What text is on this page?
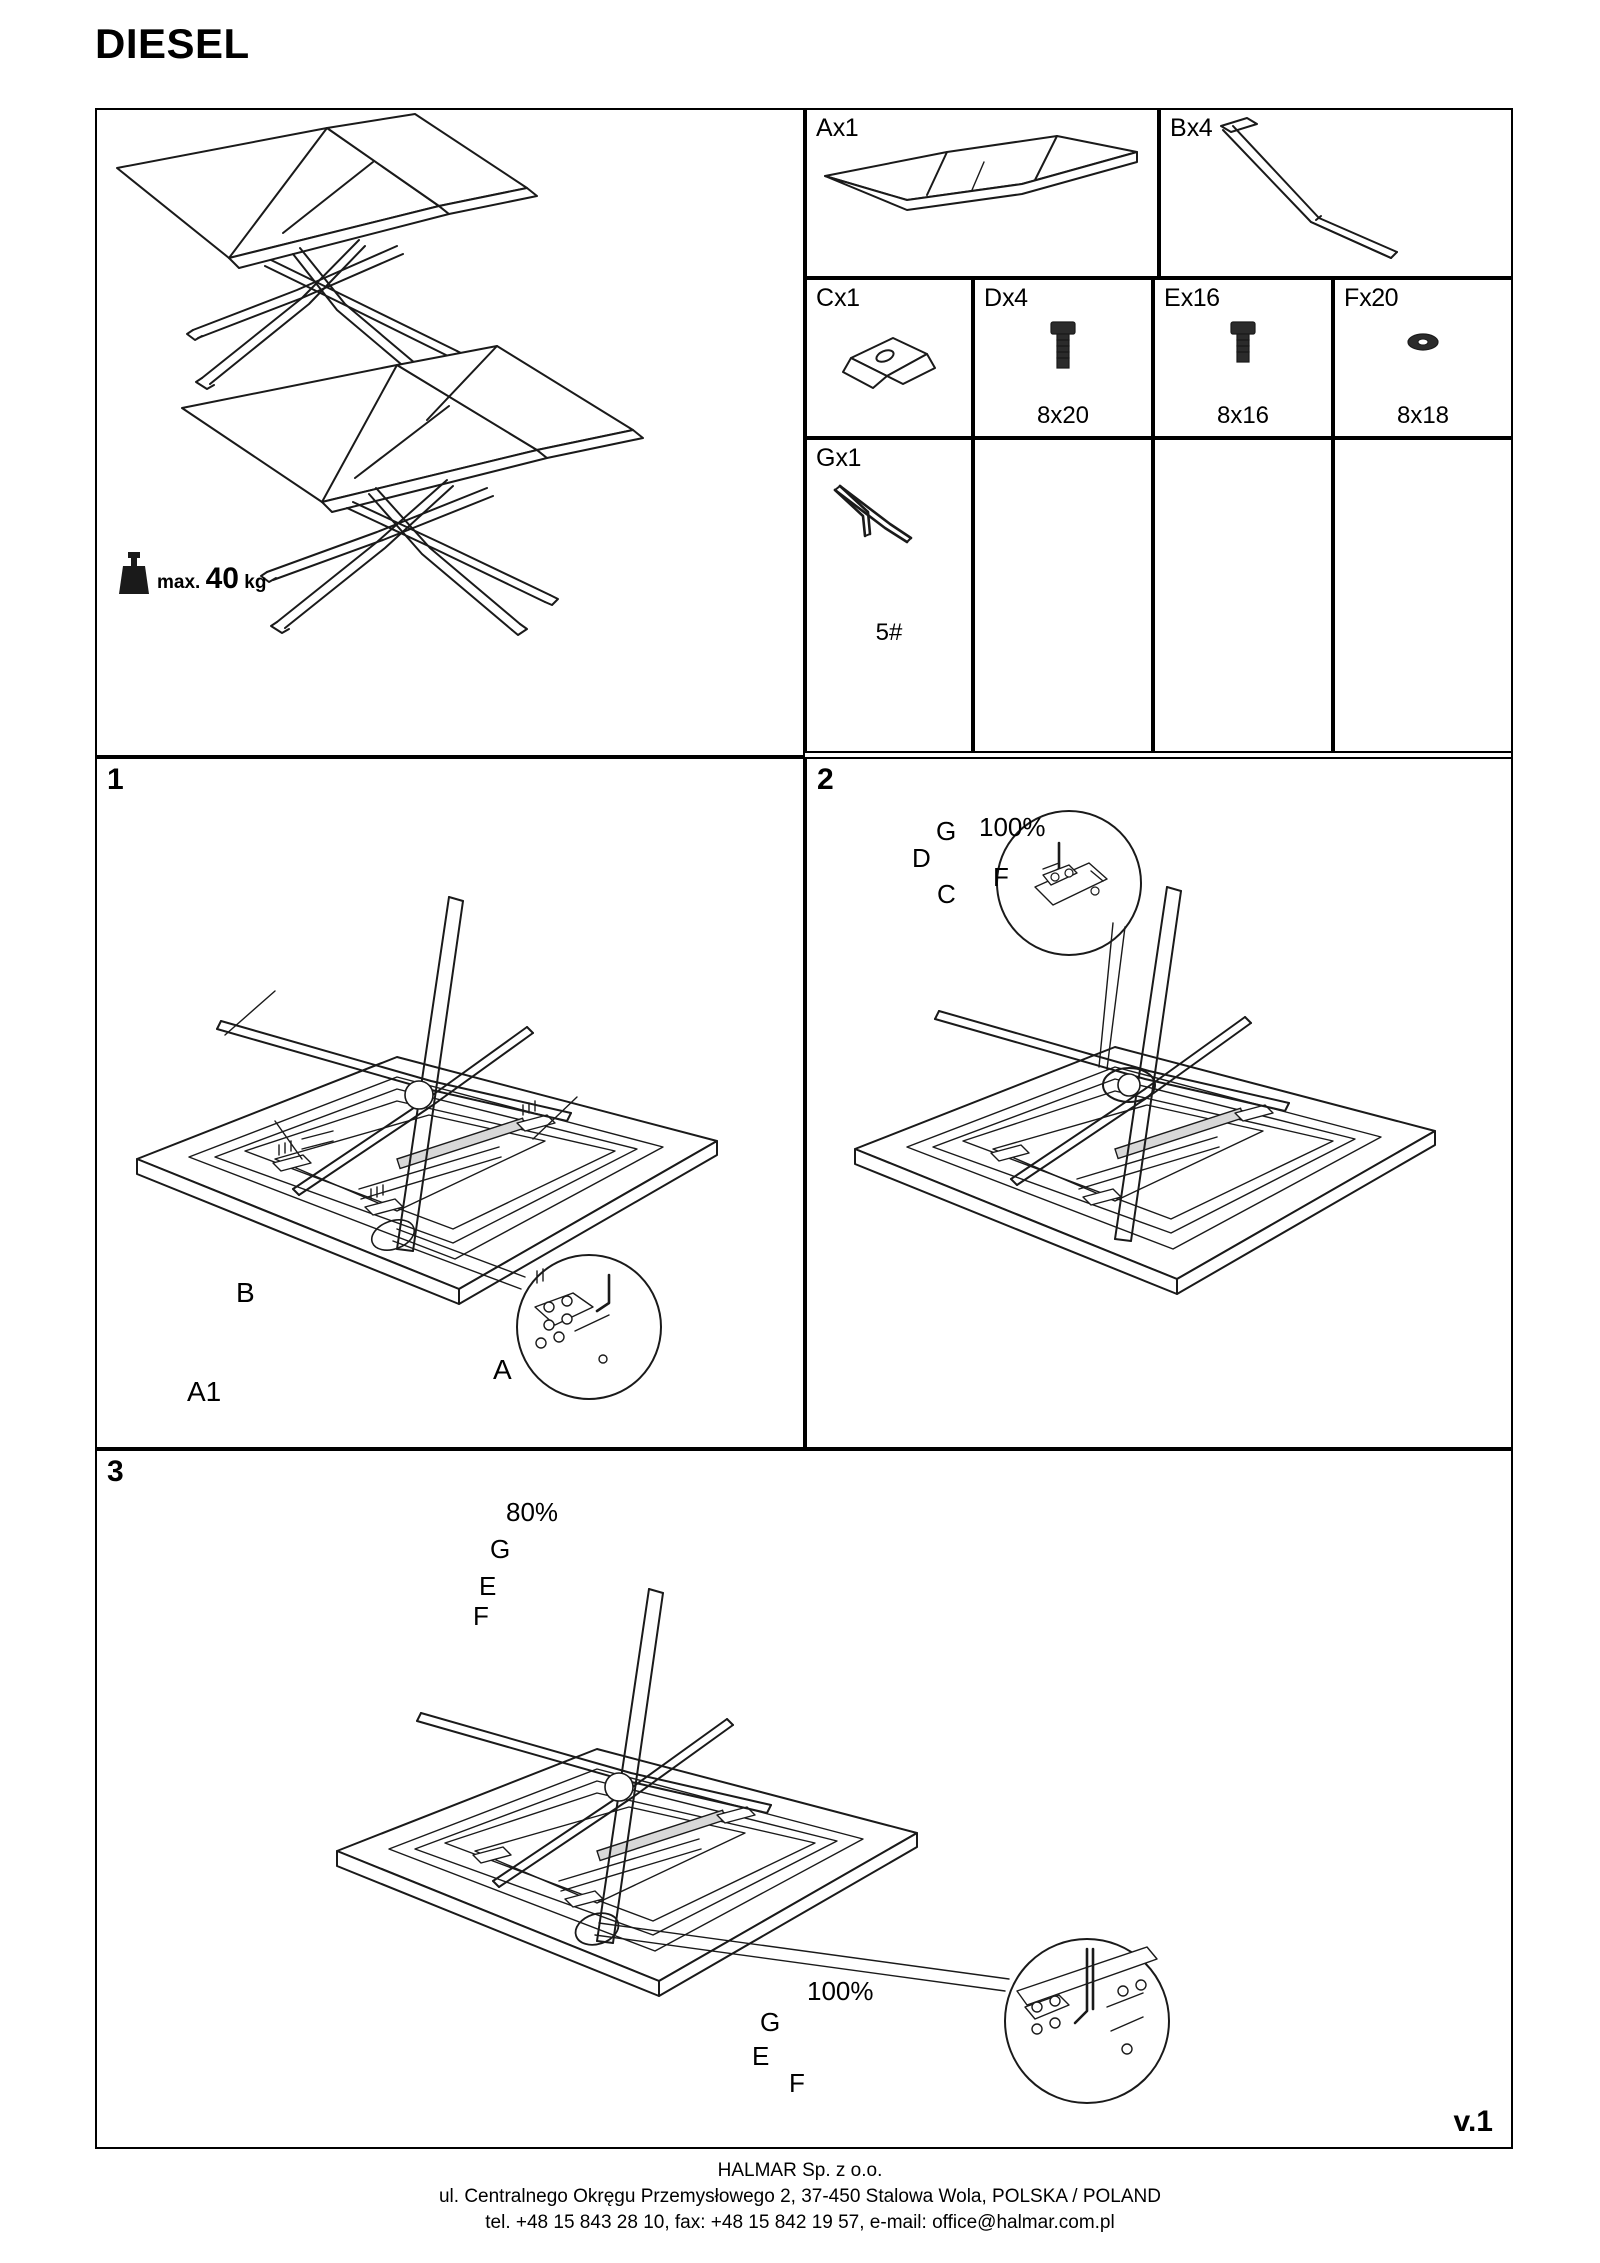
DIESEL
max. 40 kg
Ax1	Bx4
Cx1	Dx4
8x20
Ex16
8x16
Fx20
8x18
Gx1
5#
1
B
A
A1
80%
G
E
F
2
100%
G
D
C
F
3
100%
G
E
F
v.1
HALMAR Sp. z o.o.
ul. Centralnego Okręgu Przemysłowego 2, 37-450 Stalowa Wola, POLSKA / POLAND
tel. +48 15 843 28 10, fax: +48 15 842 19 57, e-mail: office@halmar.com.pl
